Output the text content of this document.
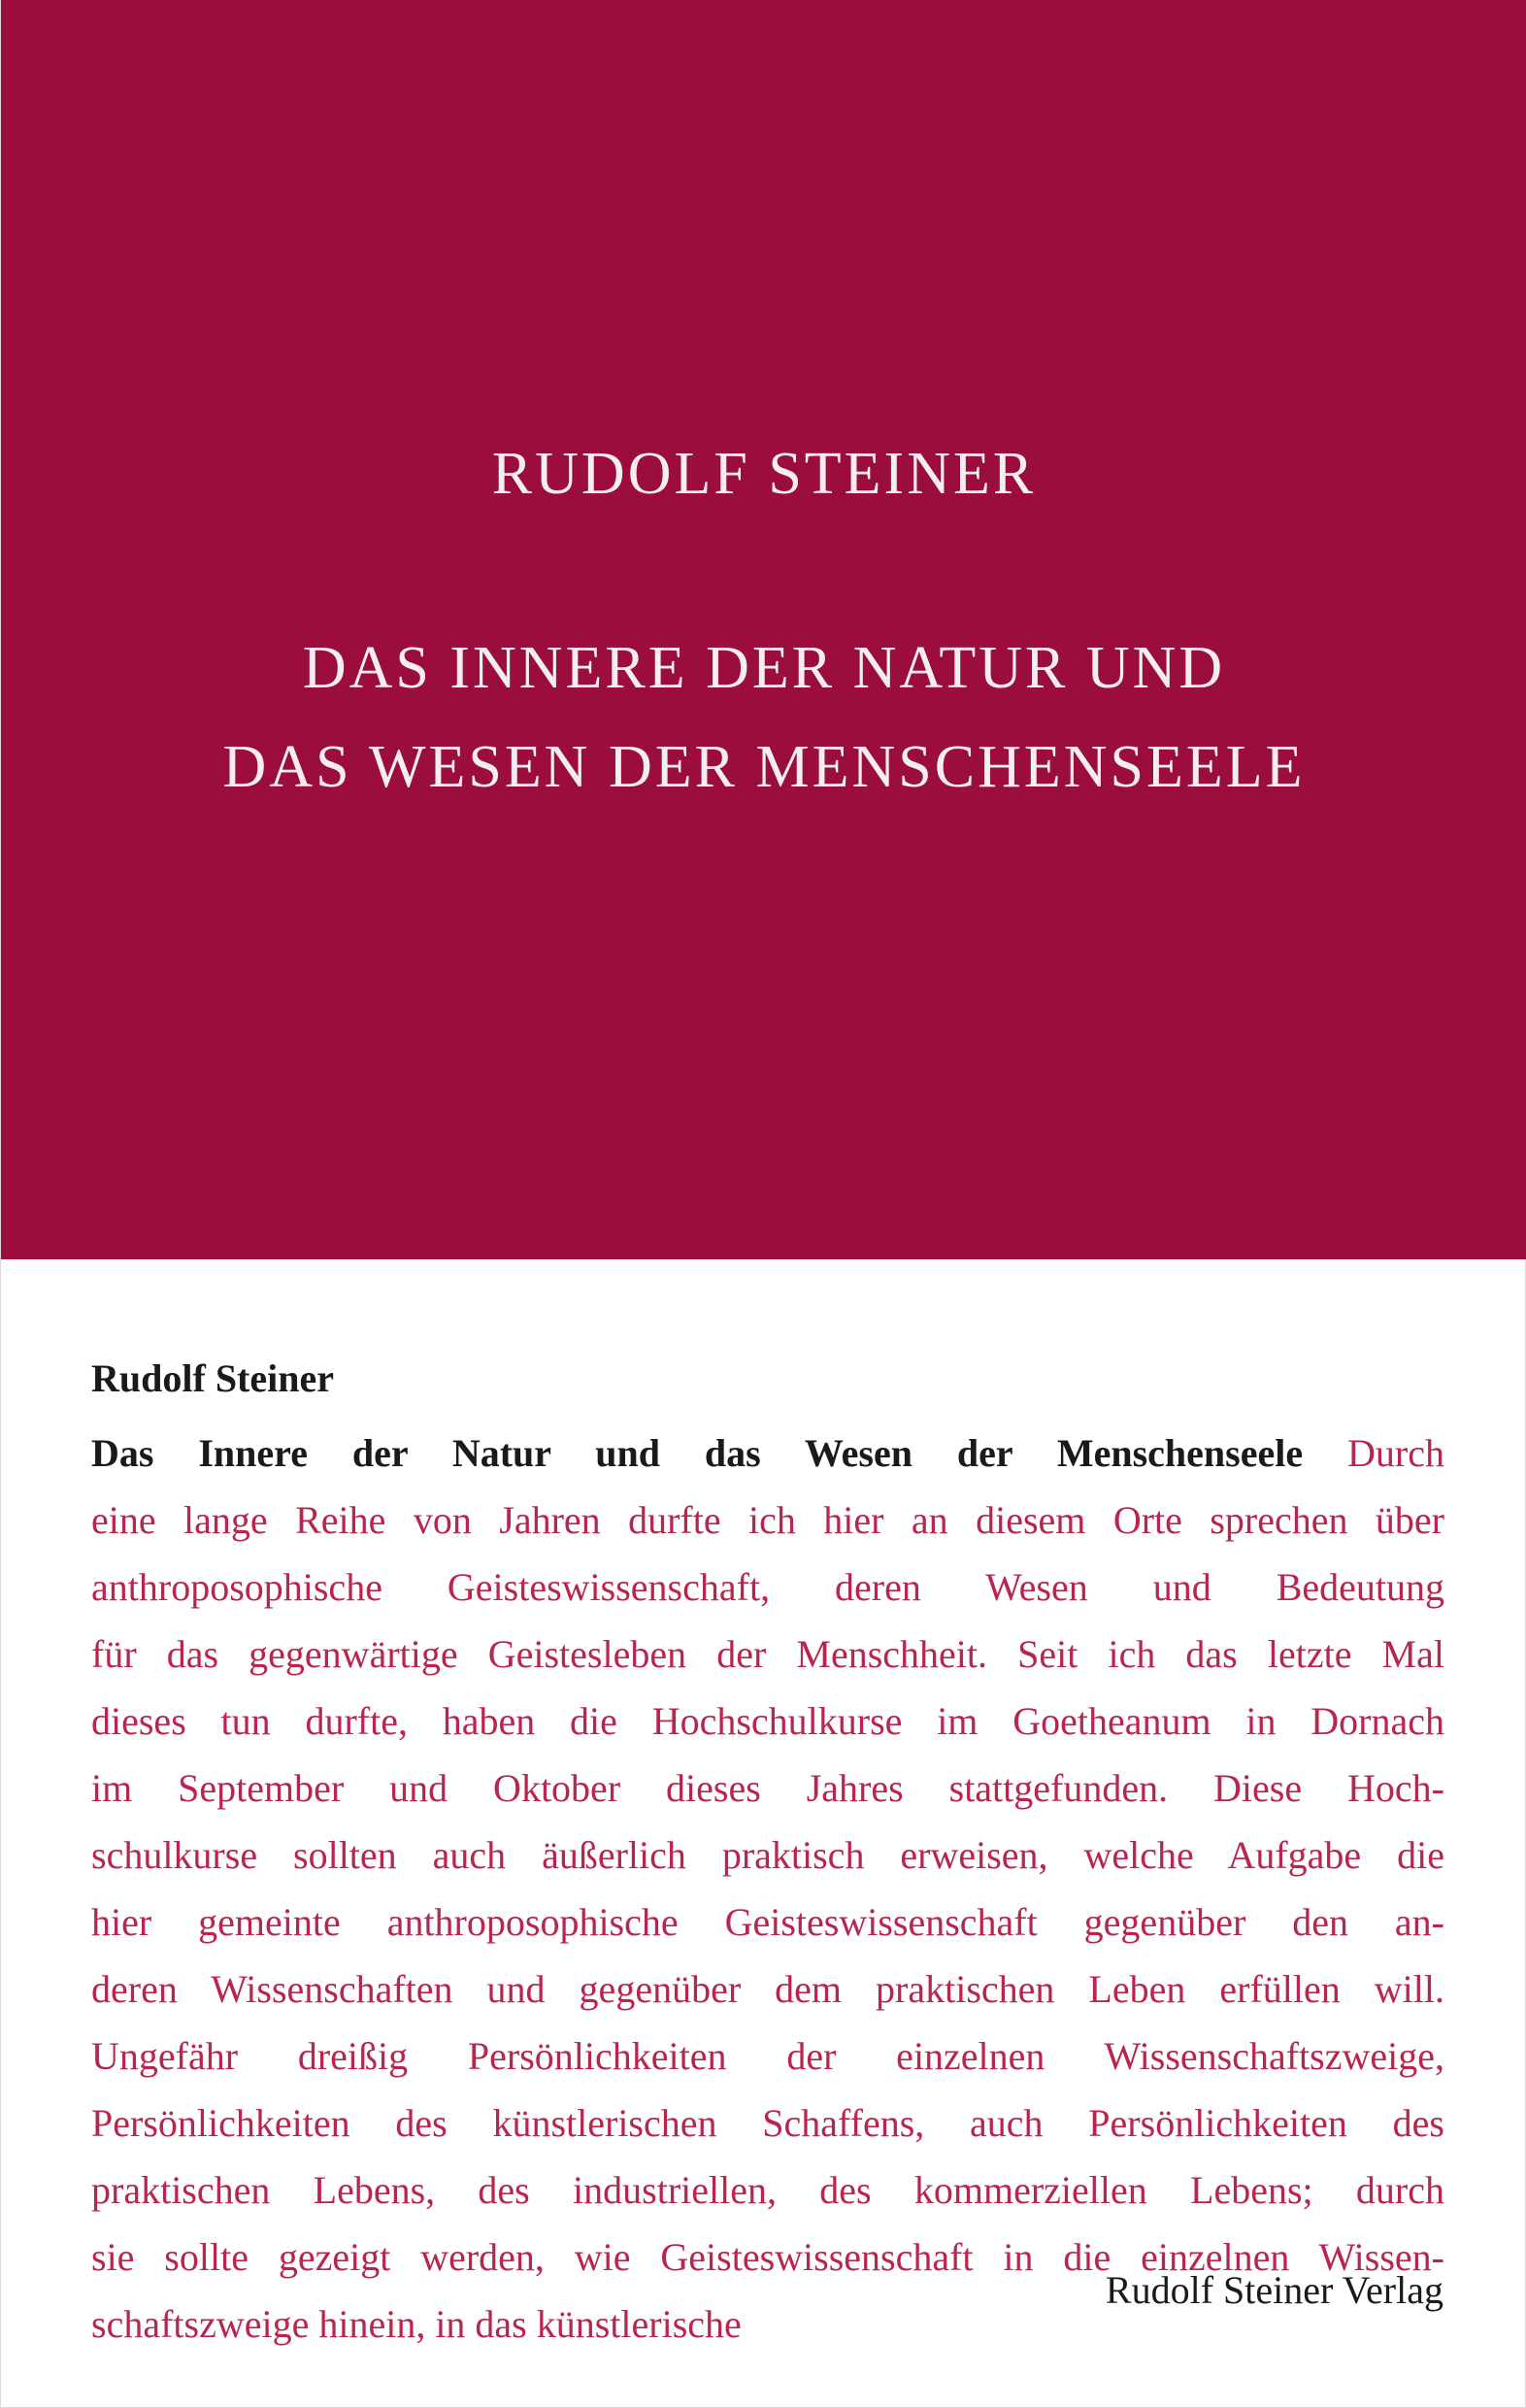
RUDOLF STEINER
DAS INNERE DER NATUR UND
DAS WESEN DER MENSCHENSEELE
Rudolf Steiner
Das Innere der Natur und das Wesen der Menschenseele Durch
eine lange Reihe von Jahren durfte ich hier an diesem Orte sprechen über
anthroposophische Geisteswissenschaft, deren Wesen und Bedeutung
für das gegenwärtige Geistesleben der Menschheit. Seit ich das letzte Mal
dieses tun durfte, haben die Hochschulkurse im Goetheanum in Dornach
im September und Oktober dieses Jahres stattgefunden. Diese Hoch-
schulkurse sollten auch äußerlich praktisch erweisen, welche Aufgabe die
hier gemeinte anthroposophische Geisteswissenschaft gegenüber den an-
deren Wissenschaften und gegenüber dem praktischen Leben erfüllen will.
Ungefähr dreißig Persönlichkeiten der einzelnen Wissenschaftszweige,
Persönlichkeiten des künstlerischen Schaffens, auch Persönlichkeiten des
praktischen Lebens, des industriellen, des kommerziellen Lebens; durch
sie sollte gezeigt werden, wie Geisteswissenschaft in die einzelnen Wissen-
schaftszweige hinein, in das künstlerische
Rudolf Steiner Verlag
